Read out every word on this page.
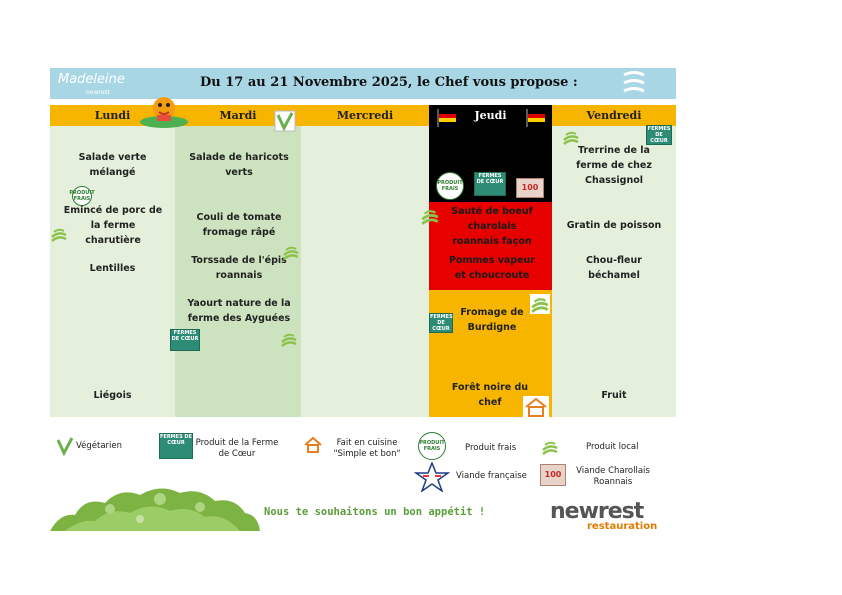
Madeleine
newrest
Du 17 au 21 Novembre 2025, le Chef vous propose :
Lundi	Mardi	Mercredi	Jeudi	Vendredi
Salade verte mélangé
PRODUIT FRAIS
Emincé de porc de la ferme charutière
Lentilles
Liégois
Salade de haricots verts
Couli de tomate fromage râpé
Torssade de l'épis roannais
Yaourt nature de la ferme des Ayguées
FERMES DE CŒUR
PRODUIT FRAIS
FERMES DE CŒUR
100
Sauté de boeuf charolais roannais façon
Pommes vapeur et choucroute
Fromage de Burdigne
FERMES DE CŒUR
Forêt noire du chef
FERMES DE CŒUR
Trerrine de la ferme de chez Chassignol
Gratin de poisson
Chou-fleur béchamel
Fruit
Végétarien
FERMES DE CŒUR	Produit de la Ferme de Cœur
Fait en cuisine "Simple et bon"
PRODUIT FRAIS	Produit frais	Produit local
Viande française	100	Viande Charollais Roannais
Nous te souhaitons un bon appétit !	newrest
restauration
